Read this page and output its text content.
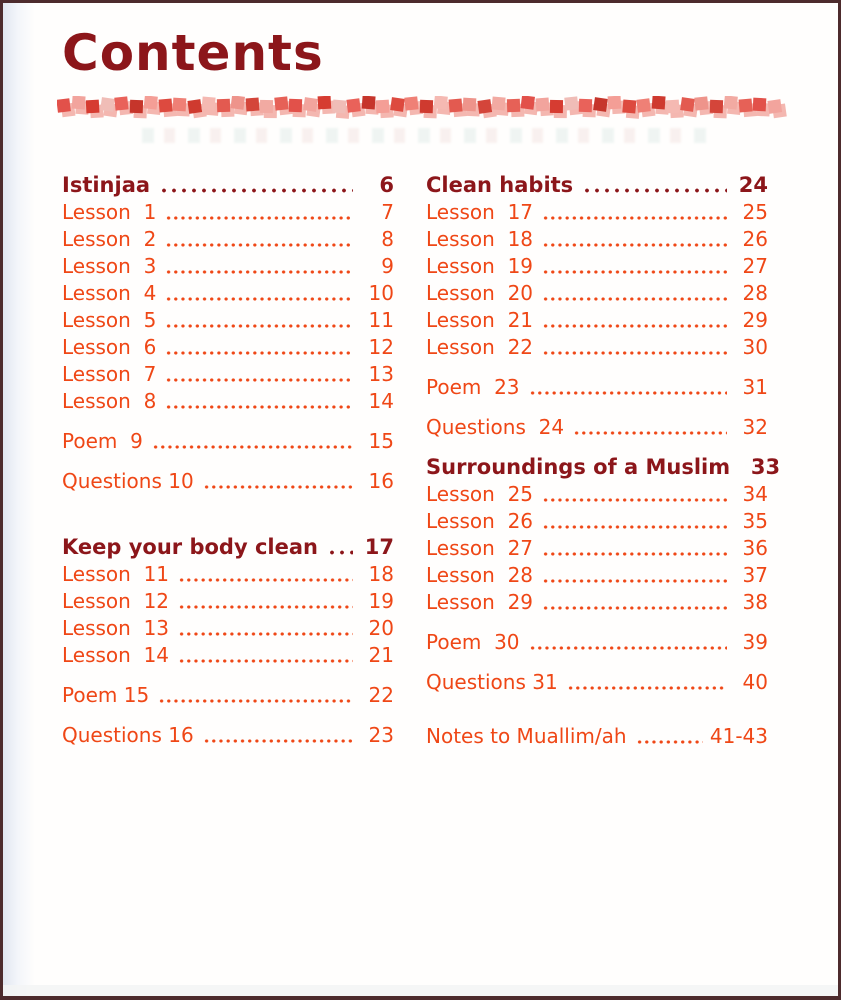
Contents
Istinjaa	6
Lesson  1	7
Lesson  2	8
Lesson  3	9
Lesson  4	10
Lesson  5	11
Lesson  6	12
Lesson  7	13
Lesson  8	14
Poem  9	15
Questions 10	16
Keep your body clean 17
Lesson  11	18
Lesson  12	19
Lesson  13	20
Lesson  14	21
Poem 15	22
Questions 16	23
Clean habits	24
Lesson  17	25
Lesson  18	26
Lesson  19	27
Lesson  20	28
Lesson  21	29
Lesson  22	30
Poem  23	31
Questions  24	32
Surroundings of a Muslim 33
Lesson  25	34
Lesson  26	35
Lesson  27	36
Lesson  28	37
Lesson  29	38
Poem  30	39
Questions 31	40
Notes to Muallim/ah	41-43
